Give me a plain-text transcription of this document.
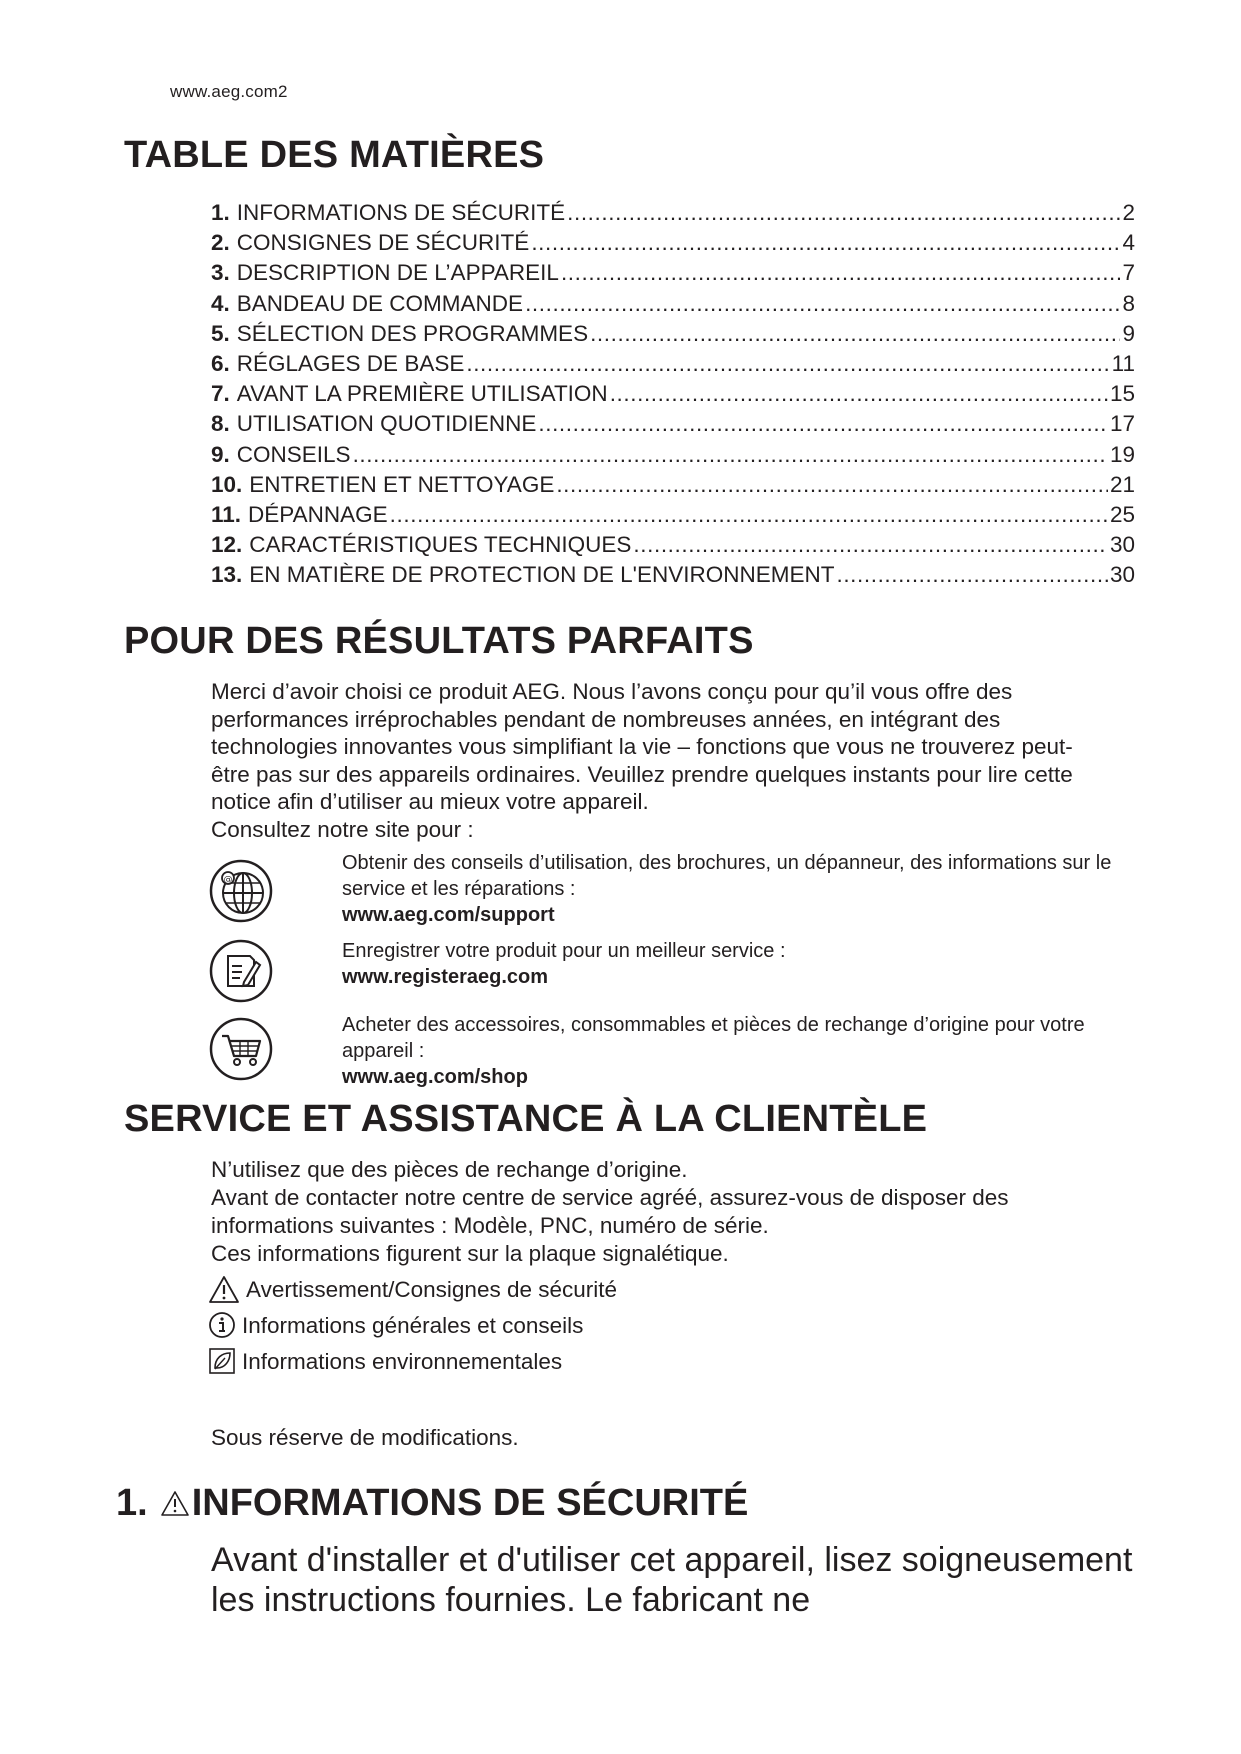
www.aeg.com2
TABLE DES MATIÈRES
1. INFORMATIONS DE SÉCURITÉ .....	2
2. CONSIGNES DE SÉCURITÉ .....	4
3. DESCRIPTION DE L’APPAREIL .....	7
4. BANDEAU DE COMMANDE .....	8
5. SÉLECTION DES PROGRAMMES .....	9
6. RÉGLAGES DE BASE .....	11
7. AVANT LA PREMIÈRE UTILISATION .....	15
8. UTILISATION QUOTIDIENNE .....	17
9. CONSEILS .....	19
10. ENTRETIEN ET NETTOYAGE .....	21
11. DÉPANNAGE .....	25
12. CARACTÉRISTIQUES TECHNIQUES .....	30
13. EN MATIÈRE DE PROTECTION DE L'ENVIRONNEMENT .....	30
POUR DES RÉSULTATS PARFAITS

Merci d’avoir choisi ce produit AEG. Nous l’avons conçu pour qu’il vous offre des performances irréprochables pendant de nombreuses années, en intégrant des technologies innovantes vous simplifiant la vie – fonctions que vous ne trouverez peut-être pas sur des appareils ordinaires. Veuillez prendre quelques instants pour lire cette notice afin d’utiliser au mieux votre appareil.

Consultez notre site pour :

@
Obtenir des conseils d’utilisation, des brochures, un dépanneur, des informations sur le service et les réparations :
www.aeg.com/support
Enregistrer votre produit pour un meilleur service :
www.registeraeg.com
Acheter des accessoires, consommables et pièces de rechange d’origine pour votre appareil :
www.aeg.com/shop
SERVICE ET ASSISTANCE À LA CLIENTÈLE

N’utilisez que des pièces de rechange d’origine.

Avant de contacter notre centre de service agréé, assurez-vous de disposer des informations suivantes : Modèle, PNC, numéro de série.

Ces informations figurent sur la plaque signalétique.

Avertissement/Consignes de sécurité
Informations générales et conseils
Informations environnementales

Sous réserve de modifications.

1. INFORMATIONS DE SÉCURITÉ

Avant d'installer et d'utiliser cet appareil, lisez soigneusement les instructions fournies. Le fabricant ne
